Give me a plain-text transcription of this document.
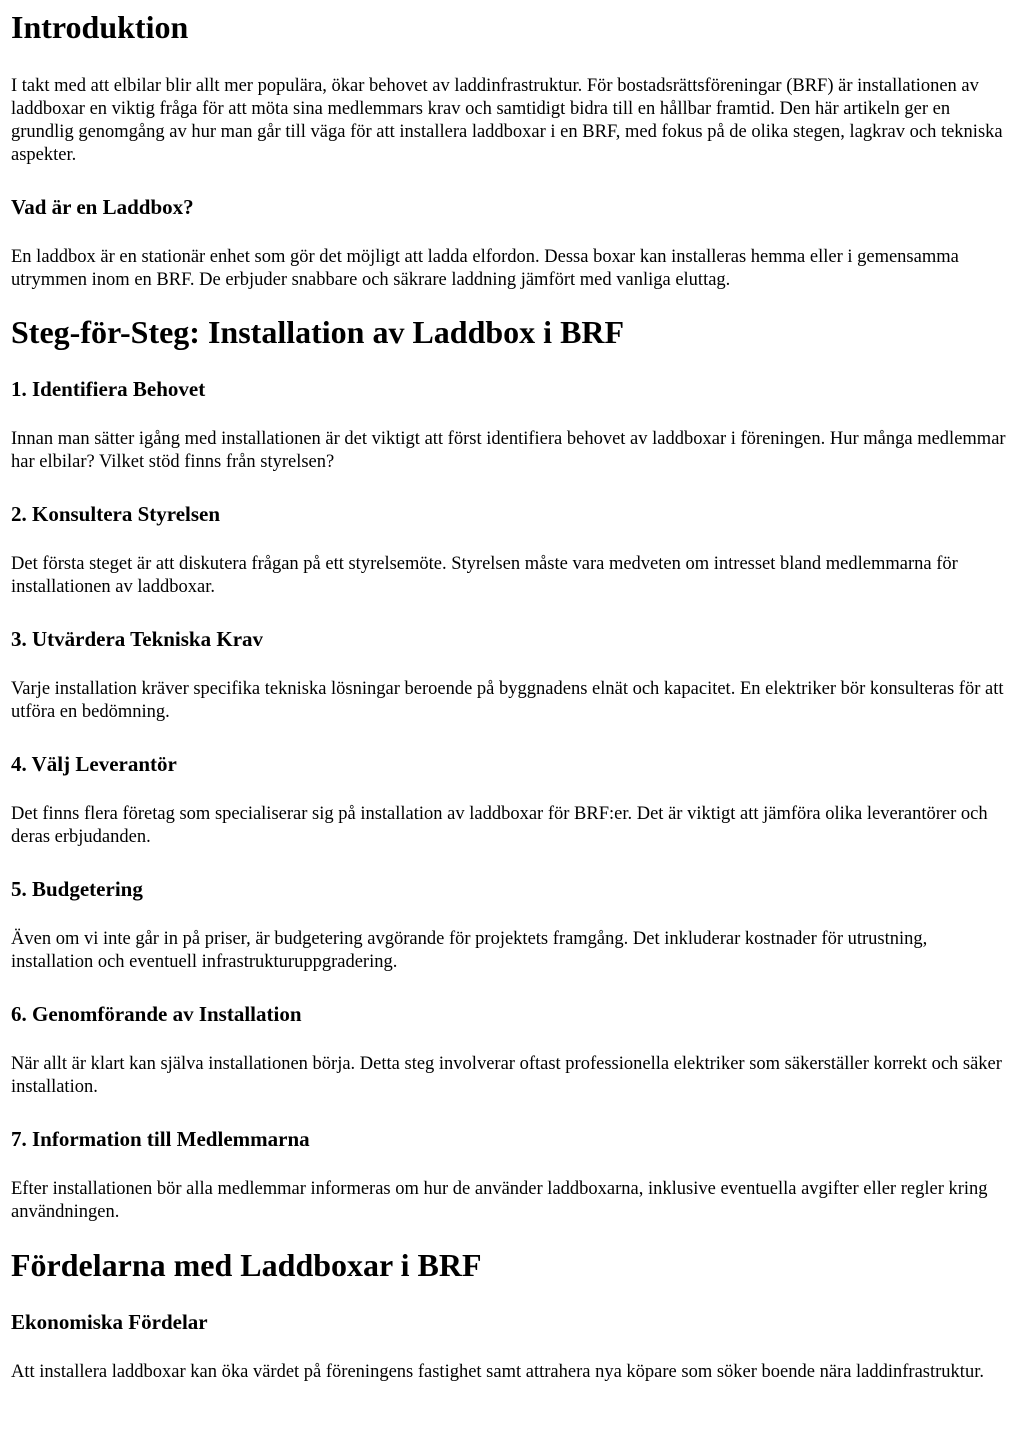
Introduktion

I takt med att elbilar blir allt mer populära, ökar behovet av laddinfrastruktur. För bostadsrättsföreningar (BRF) är installationen av laddboxar en viktig fråga för att möta sina medlemmars krav och samtidigt bidra till en hållbar framtid. Den här artikeln ger en grundlig genomgång av hur man går till väga för att installera laddboxar i en BRF, med fokus på de olika stegen, lagkrav och tekniska aspekter.

Vad är en Laddbox?

En laddbox är en stationär enhet som gör det möjligt att ladda elfordon. Dessa boxar kan installeras hemma eller i gemensamma utrymmen inom en BRF. De erbjuder snabbare och säkrare laddning jämfört med vanliga eluttag.

Steg-för-Steg: Installation av Laddbox i BRF
1. Identifiera Behovet

Innan man sätter igång med installationen är det viktigt att först identifiera behovet av laddboxar i föreningen. Hur många medlemmar har elbilar? Vilket stöd finns från styrelsen?

2. Konsultera Styrelsen

Det första steget är att diskutera frågan på ett styrelsemöte. Styrelsen måste vara medveten om intresset bland medlemmarna för installationen av laddboxar.

3. Utvärdera Tekniska Krav

Varje installation kräver specifika tekniska lösningar beroende på byggnadens elnät och kapacitet. En elektriker bör konsulteras för att utföra en bedömning.

4. Välj Leverantör

Det finns flera företag som specialiserar sig på installation av laddboxar för BRF:er. Det är viktigt att jämföra olika leverantörer och deras erbjudanden.

5. Budgetering

Även om vi inte går in på priser, är budgetering avgörande för projektets framgång. Det inkluderar kostnader för utrustning, installation och eventuell infrastrukturuppgradering.

6. Genomförande av Installation

När allt är klart kan själva installationen börja. Detta steg involverar oftast professionella elektriker som säkerställer korrekt och säker installation.

7. Information till Medlemmarna

Efter installationen bör alla medlemmar informeras om hur de använder laddboxarna, inklusive eventuella avgifter eller regler kring användningen.

Fördelarna med Laddboxar i BRF
Ekonomiska Fördelar

Att installera laddboxar kan öka värdet på föreningens fastighet samt attrahera nya köpare som söker boende nära laddinfrastruktur.
